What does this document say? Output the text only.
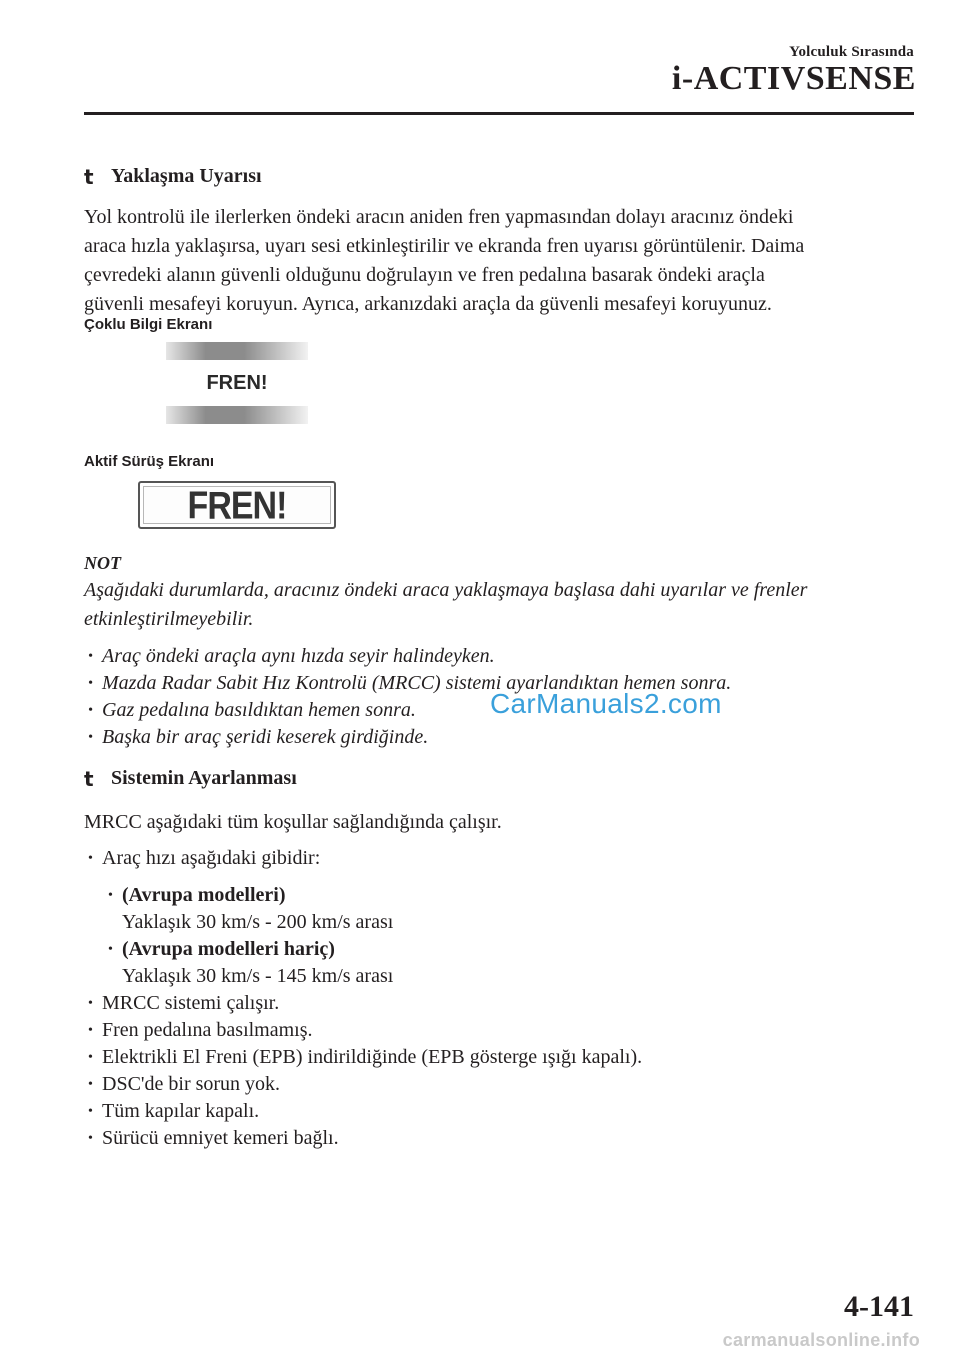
Yolculuk Sırasında
i-ACTIVSENSE
t Yaklaşma Uyarısı
Yol kontrolü ile ilerlerken öndeki aracın aniden fren yapmasından dolayı aracınız öndeki
araca hızla yaklaşırsa, uyarı sesi etkinleştirilir ve ekranda fren uyarısı görüntülenir. Daima
çevredeki alanın güvenli olduğunu doğrulayın ve fren pedalına basarak öndeki araçla
güvenli mesafeyi koruyun. Ayrıca, arkanızdaki araçla da güvenli mesafeyi koruyunuz.
Çoklu Bilgi Ekranı
FREN!
Aktif Sürüş Ekranı
FREN!
NOT
Aşağıdaki durumlarda, aracınız öndeki araca yaklaşmaya başlasa dahi uyarılar ve frenler
etkinleştirilmeyebilir.
• Araç öndeki araçla aynı hızda seyir halindeyken.
• Mazda Radar Sabit Hız Kontrolü (MRCC) sistemi ayarlandıktan hemen sonra.
• Gaz pedalına basıldıktan hemen sonra.
• Başka bir araç şeridi keserek girdiğinde.
CarManuals2.com
t Sistemin Ayarlanması
MRCC aşağıdaki tüm koşullar sağlandığında çalışır.
• Araç hızı aşağıdaki gibidir:
• (Avrupa modelleri)
Yaklaşık 30 km/s - 200 km/s arası
• (Avrupa modelleri hariç)
Yaklaşık 30 km/s - 145 km/s arası
• MRCC sistemi çalışır.
• Fren pedalına basılmamış.
• Elektrikli El Freni (EPB) indirildiğinde (EPB gösterge ışığı kapalı).
• DSC'de bir sorun yok.
• Tüm kapılar kapalı.
• Sürücü emniyet kemeri bağlı.
4-141
carmanualsonline.info
